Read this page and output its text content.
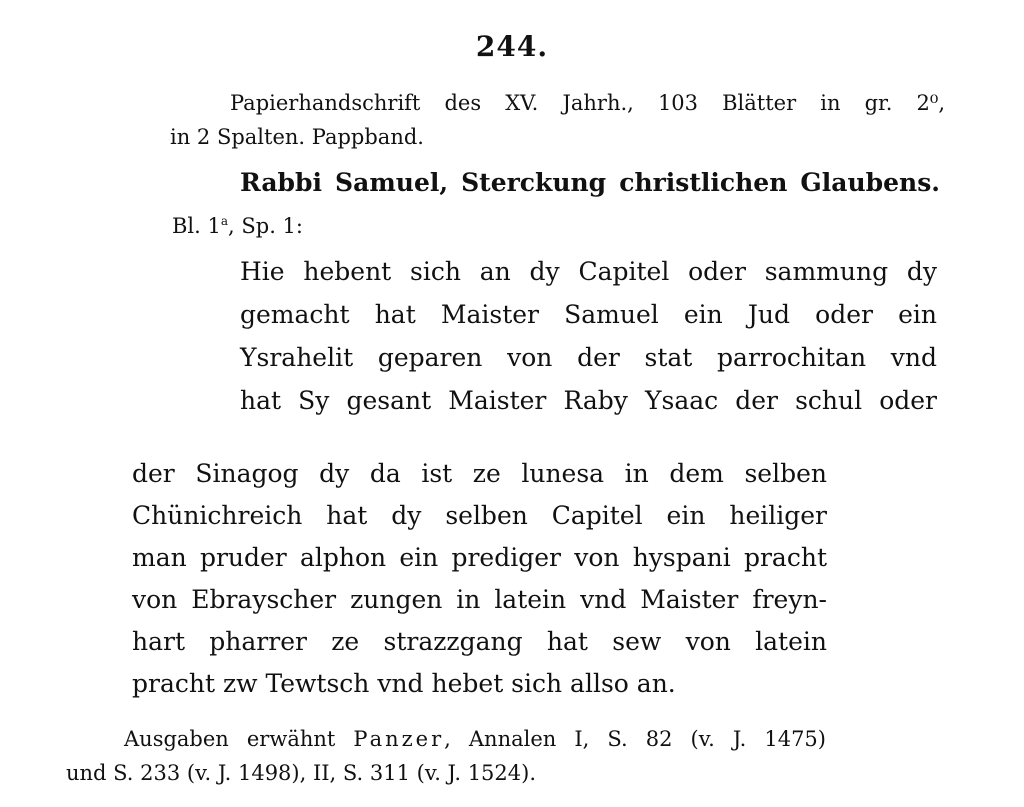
244.
Papierhandschrift des XV. Jahrh., 103 Blätter in gr. 2⁰,
in 2 Spalten. Pappband.
Rabbi Samuel, Sterckung christlichen Glaubens.
Bl. 1$^a$, Sp. 1:
Hie hebent sich an dy Capitel oder sammung dy
gemacht hat Maister Samuel ein Jud oder ein
Ysrahelit geparen von der stat parrochitan vnd
hat Sy gesant Maister Raby Ysaac der schul oder
der Sinagog dy da ist ze lunesa in dem selben
Chünichreich hat dy selben Capitel ein heiliger
man pruder alphon ein prediger von hyspani pracht
von Ebrayscher zungen in latein vnd Maister freyn-
hart pharrer ze strazzgang hat sew von latein
pracht zw Tewtsch vnd hebet sich allso an.
Ausgaben erwähnt Panzer, Annalen I, S. 82 (v. J. 1475)
und S. 233 (v. J. 1498), II, S. 311 (v. J. 1524).
